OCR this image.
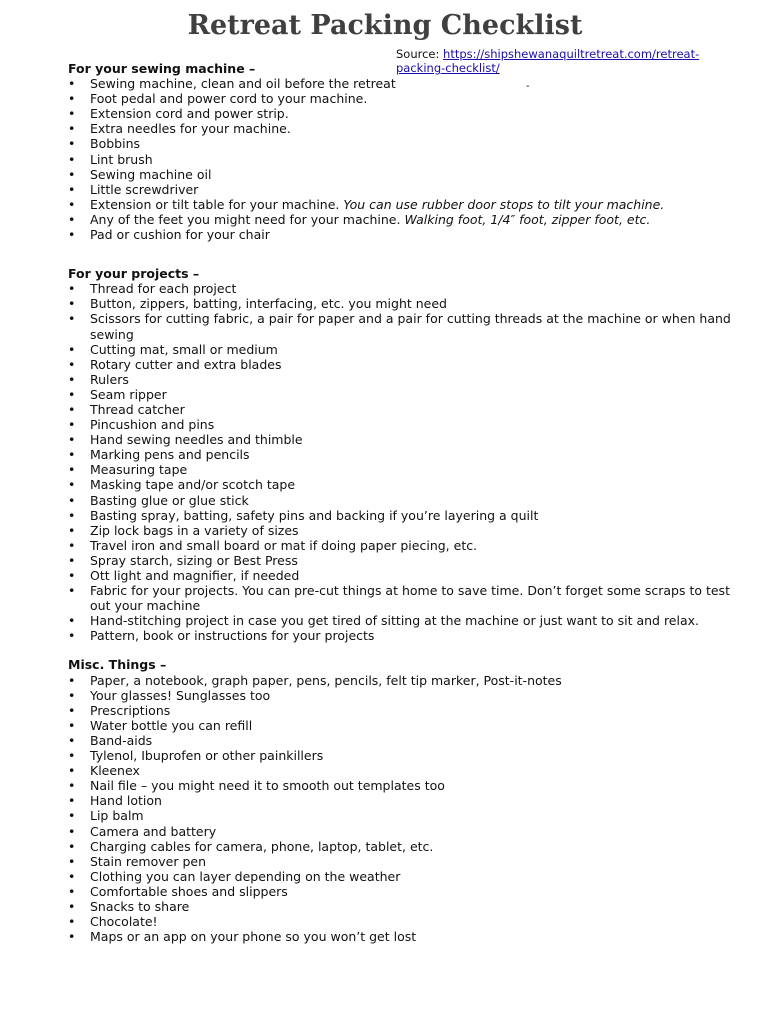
Retreat Packing Checklist
Source: https://shipshewanaquiltretreat.com/retreat-packing-checklist/
-

For your sewing machine –

• Sewing machine, clean and oil before the retreat
• Foot pedal and power cord to your machine.
• Extension cord and power strip.
• Extra needles for your machine.
• Bobbins
• Lint brush
• Sewing machine oil
• Little screwdriver
• Extension or tilt table for your machine. You can use rubber door stops to tilt your machine.
• Any of the feet you might need for your machine. Walking foot, 1/4″ foot, zipper foot, etc.
• Pad or cushion for your chair

For your projects –

• Thread for each project
• Button, zippers, batting, interfacing, etc. you might need
• Scissors for cutting fabric, a pair for paper and a pair for cutting threads at the machine or when hand sewing
• Cutting mat, small or medium
• Rotary cutter and extra blades
• Rulers
• Seam ripper
• Thread catcher
• Pincushion and pins
• Hand sewing needles and thimble
• Marking pens and pencils
• Measuring tape
• Masking tape and/or scotch tape
• Basting glue or glue stick
• Basting spray, batting, safety pins and backing if you’re layering a quilt
• Zip lock bags in a variety of sizes
• Travel iron and small board or mat if doing paper piecing, etc.
• Spray starch, sizing or Best Press
• Ott light and magnifier, if needed
• Fabric for your projects. You can pre-cut things at home to save time. Don’t forget some scraps to test out your machine
• Hand-stitching project in case you get tired of sitting at the machine or just want to sit and relax.
• Pattern, book or instructions for your projects

Misc. Things –

• Paper, a notebook, graph paper, pens, pencils, felt tip marker, Post-it-notes
• Your glasses! Sunglasses too
• Prescriptions
• Water bottle you can refill
• Band-aids
• Tylenol, Ibuprofen or other painkillers
• Kleenex
• Nail file – you might need it to smooth out templates too
• Hand lotion
• Lip balm
• Camera and battery
• Charging cables for camera, phone, laptop, tablet, etc.
• Stain remover pen
• Clothing you can layer depending on the weather
• Comfortable shoes and slippers
• Snacks to share
• Chocolate!
• Maps or an app on your phone so you won’t get lost
